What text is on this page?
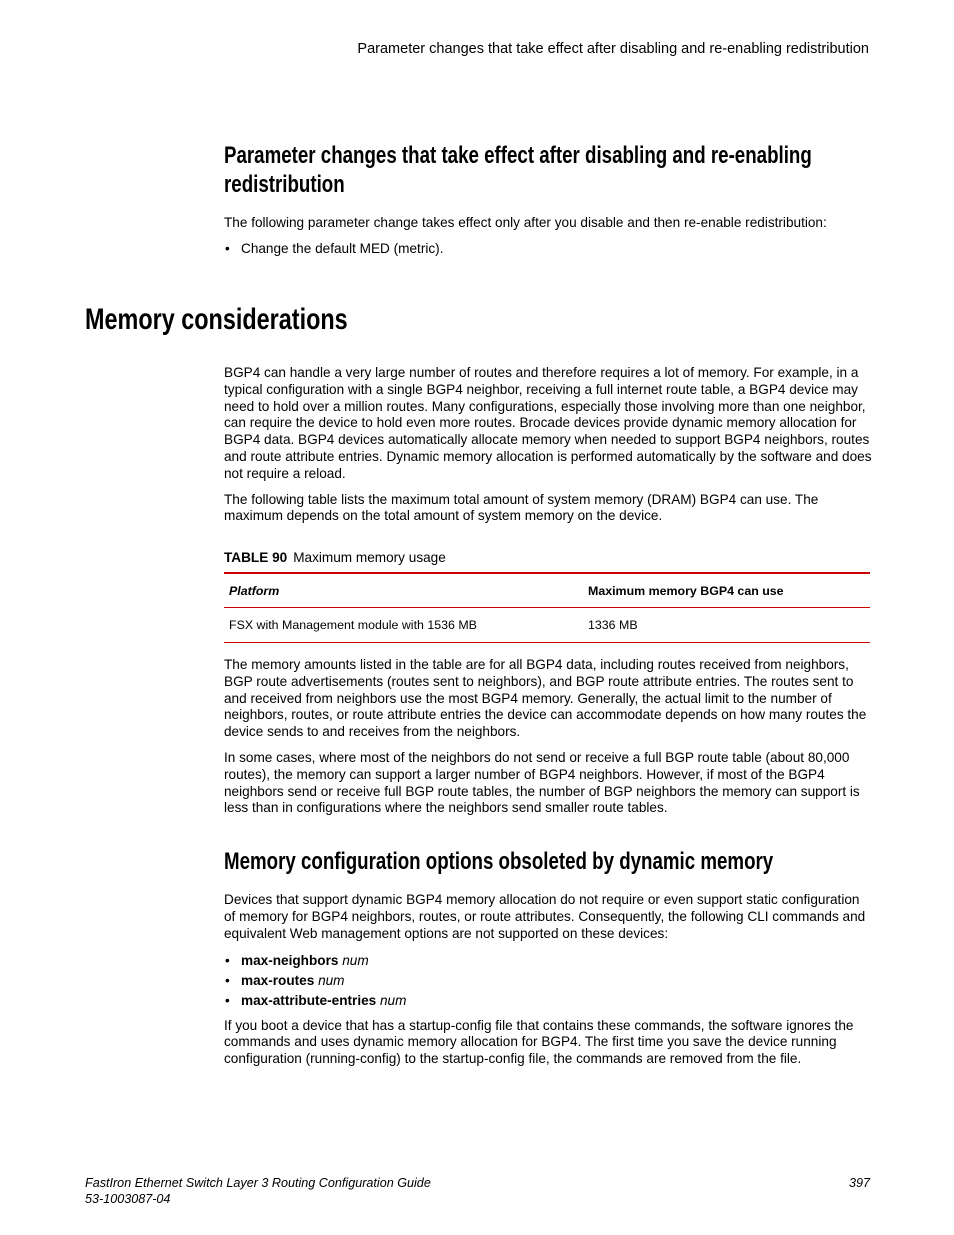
Parameter changes that take effect after disabling and re-enabling redistribution
Parameter changes that take effect after disabling and re-enabling
redistribution

The following parameter change takes effect only after you disable and then re-enable redistribution:

• Change the default MED (metric).
Memory considerations

BGP4 can handle a very large number of routes and therefore requires a lot of memory. For example, in a typical configuration with a single BGP4 neighbor, receiving a full internet route table, a BGP4 device may need to hold over a million routes. Many configurations, especially those involving more than one neighbor, can require the device to hold even more routes. Brocade devices provide dynamic memory allocation for BGP4 data. BGP4 devices automatically allocate memory when needed to support BGP4 neighbors, routes and route attribute entries. Dynamic memory allocation is performed automatically by the software and does not require a reload.

The following table lists the maximum total amount of system memory (DRAM) BGP4 can use. The maximum depends on the total amount of system memory on the device.

TABLE 90 Maximum memory usage
Platform	Maximum memory BGP4 can use
FSX with Management module with 1536 MB	1336 MB

The memory amounts listed in the table are for all BGP4 data, including routes received from neighbors, BGP route advertisements (routes sent to neighbors), and BGP route attribute entries. The routes sent to and received from neighbors use the most BGP4 memory. Generally, the actual limit to the number of neighbors, routes, or route attribute entries the device can accommodate depends on how many routes the device sends to and receives from the neighbors.

In some cases, where most of the neighbors do not send or receive a full BGP route table (about 80,000 routes), the memory can support a larger number of BGP4 neighbors. However, if most of the BGP4 neighbors send or receive full BGP route tables, the number of BGP neighbors the memory can support is less than in configurations where the neighbors send smaller route tables.

Memory configuration options obsoleted by dynamic memory

Devices that support dynamic BGP4 memory allocation do not require or even support static configuration of memory for BGP4 neighbors, routes, or route attributes. Consequently, the following CLI commands and equivalent Web management options are not supported on these devices:

• max-neighbors num
• max-routes num
• max-attribute-entries num

If you boot a device that has a startup-config file that contains these commands, the software ignores the commands and uses dynamic memory allocation for BGP4. The first time you save the device running configuration (running-config) to the startup-config file, the commands are removed from the file.

FastIron Ethernet Switch Layer 3 Routing Configuration Guide
53-1003087-04
397
